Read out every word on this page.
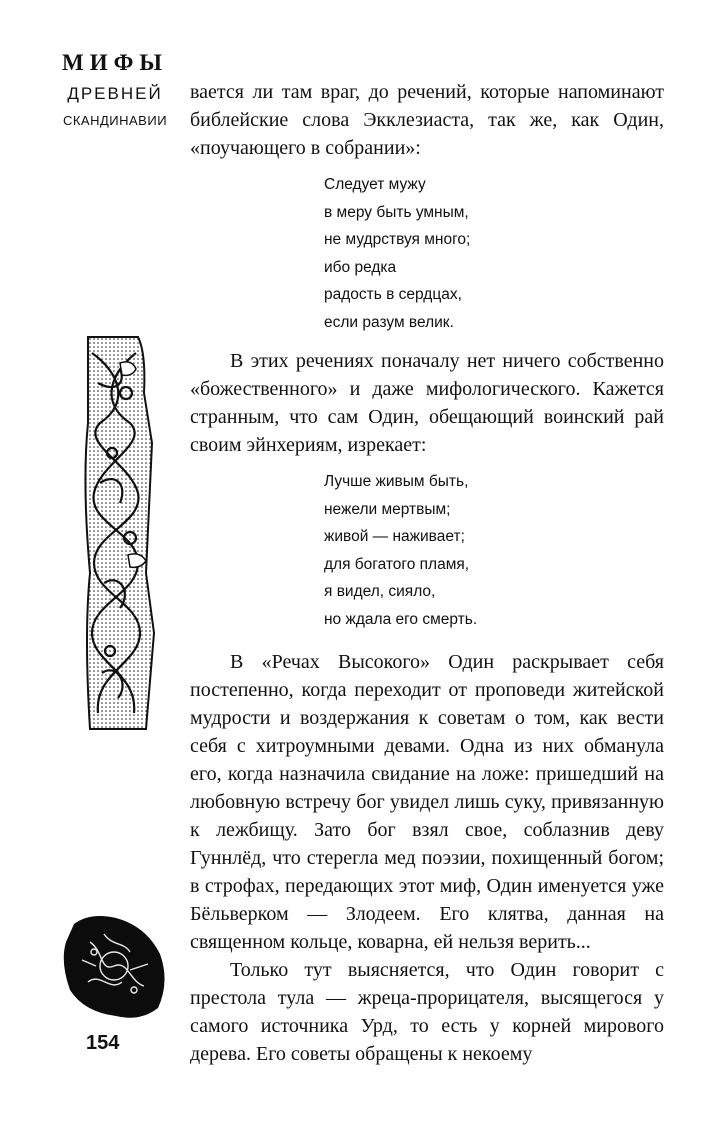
МИФЫ
ДРЕВНЕЙ
СКАНДИНАВИИ
154

вается ли там враг, до речений, которые напоминают библейские слова Экклезиаста, так же, как Один, «поучающего в собрании»:

Следует мужу
в меру быть умным,
не мудрствуя много;
ибо редка
радость в сердцах,
если разум велик.

В этих речениях поначалу нет ничего собственно «божественного» и даже мифологического. Кажется странным, что сам Один, обещающий воинский рай своим эйнхериям, изрекает:

Лучше живым быть,
нежели мертвым;
живой — наживает;
для богатого пламя,
я видел, сияло,
но ждала его смерть.

В «Речах Высокого» Один раскрывает себя постепенно, когда переходит от проповеди житейской мудрости и воздержания к советам о том, как вести себя с хитроумными девами. Одна из них обманула его, когда назначила свидание на ложе: пришедший на любовную встречу бог увидел лишь суку, привязанную к лежбищу. Зато бог взял свое, соблазнив деву Гуннлёд, что стерегла мед поэзии, похищенный богом; в строфах, передающих этот миф, Один именуется уже Бёльверком — Злодеем. Его клятва, данная на священном кольце, коварна, ей нельзя верить...

Только тут выясняется, что Один говорит с престола тула — жреца-прорицателя, высящегося у самого источника Урд, то есть у корней мирового дерева. Его советы обращены к некоему
